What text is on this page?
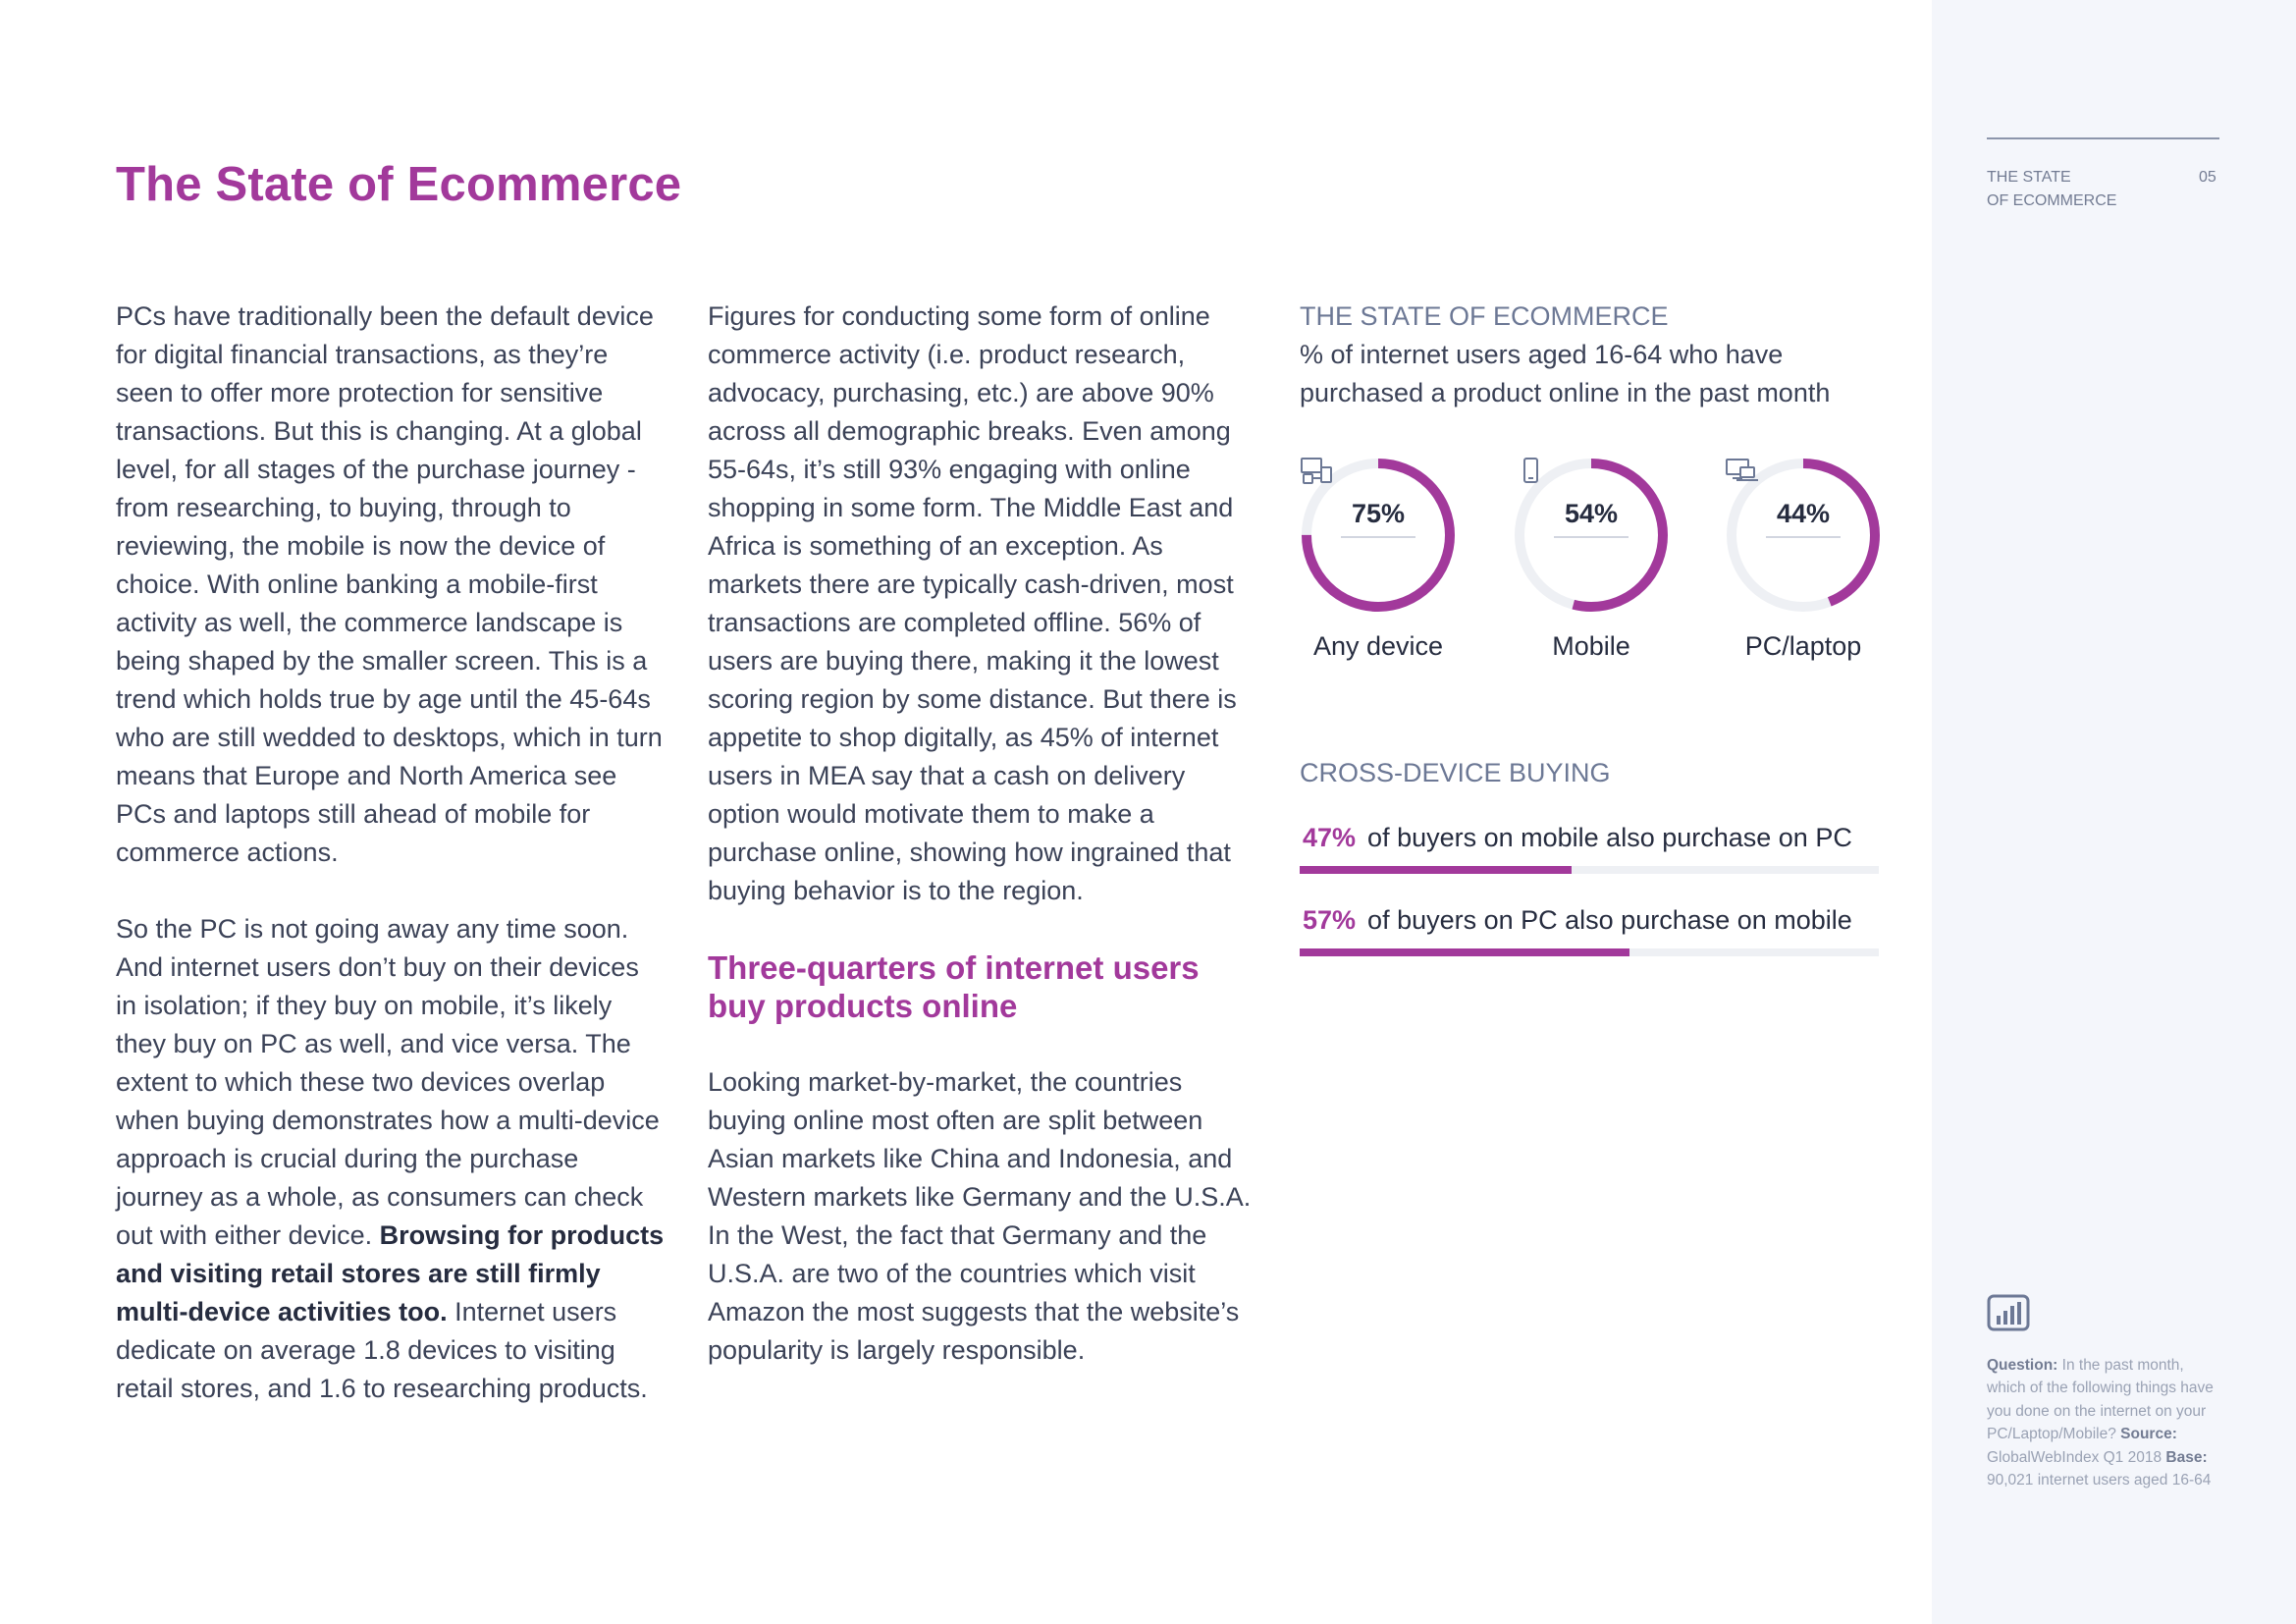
The State of Ecommerce

PCs have traditionally been the default device for digital financial transactions, as they’re seen to offer more protection for sensitive transactions. But this is changing. At a global level, for all stages of the purchase journey - from researching, to buying, through to reviewing, the mobile is now the device of choice. With online banking a mobile-first activity as well, the commerce landscape is being shaped by the smaller screen. This is a trend which holds true by age until the 45-64s who are still wedded to desktops, which in turn means that Europe and North America see PCs and laptops still ahead of mobile for commerce actions.

So the PC is not going away any time soon. And internet users don’t buy on their devices in isolation; if they buy on mobile, it’s likely they buy on PC as well, and vice versa. The extent to which these two devices overlap when buying demonstrates how a multi-device approach is crucial during the purchase journey as a whole, as consumers can check out with either device. Browsing for products and visiting retail stores are still firmly multi-device activities too. Internet users dedicate on average 1.8 devices to visiting retail stores, and 1.6 to researching products.

Figures for conducting some form of online commerce activity (i.e. product research, advocacy, purchasing, etc.) are above 90% across all demographic breaks. Even among 55-64s, it’s still 93% engaging with online shopping in some form. The Middle East and Africa is something of an exception. As markets there are typically cash-driven, most transactions are completed offline. 56% of users are buying there, making it the lowest scoring region by some distance. But there is appetite to shop digitally, as 45% of internet users in MEA say that a cash on delivery option would motivate them to make a purchase online, showing how ingrained that buying behavior is to the region.

Three-quarters of internet users buy products online

Looking market-by-market, the countries buying online most often are split between Asian markets like China and Indonesia, and Western markets like Germany and the U.S.A. In the West, the fact that Germany and the U.S.A. are two of the countries which visit Amazon the most suggests that the website’s popularity is largely responsible.

THE STATE OF ECOMMERCE
% of internet users aged 16-64 who have purchased a product online in the past month
75%
Any device
54%
Mobile
44%
PC/laptop
CROSS-DEVICE BUYING
47% of buyers on mobile also purchase on PC
57% of buyers on PC also purchase on mobile
THE STATE
OF ECOMMERCE
05
Question: In the past month, which of the following things have you done on the internet on your PC/Laptop/Mobile? Source: GlobalWebIndex Q1 2018 Base: 90,021 internet users aged 16-64
